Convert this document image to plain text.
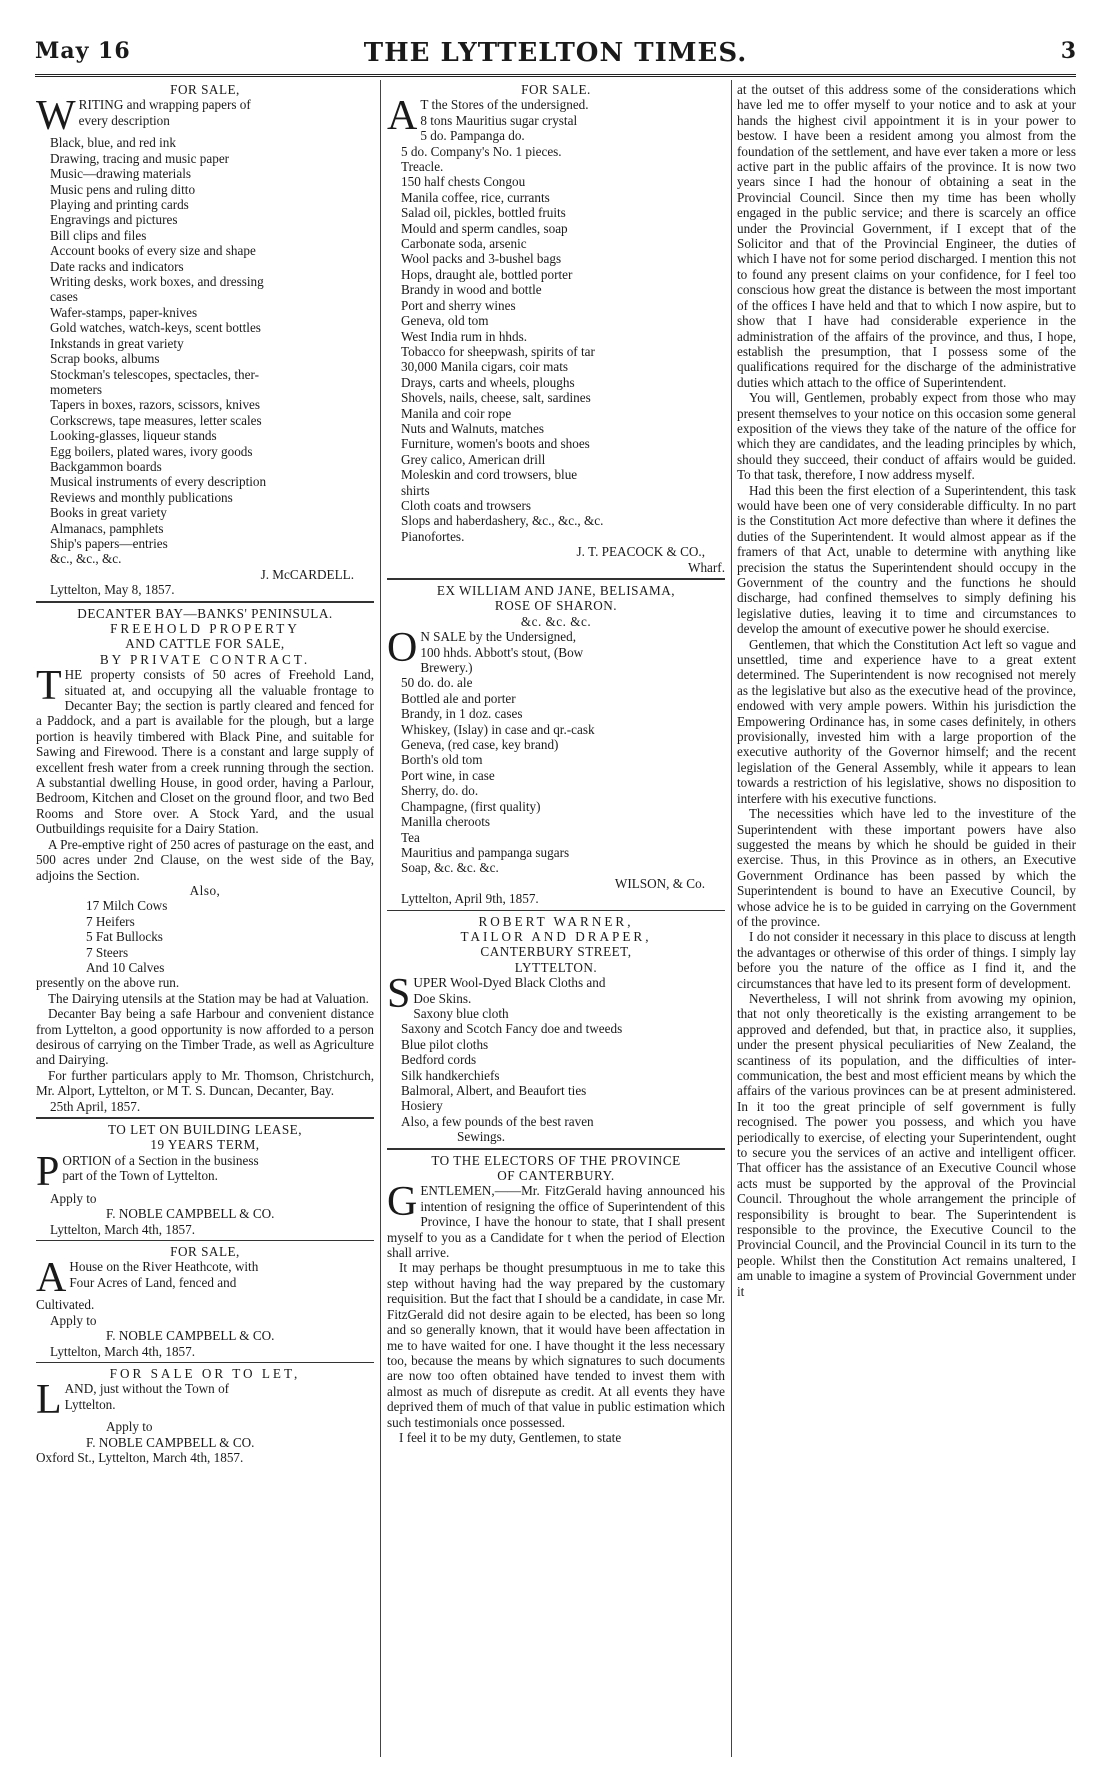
May 16	THE LYTTELTON TIMES.	3

FOR SALE,

W RITING and wrapping papers of

every description

Black, blue, and red ink

Drawing, tracing and music paper

Music—drawing materials

Music pens and ruling ditto

Playing and printing cards

Engravings and pictures

Bill clips and files

Account books of every size and shape

Date racks and indicators

Writing desks, work boxes, and dressing

cases

Wafer-stamps, paper-knives

Gold watches, watch-keys, scent bottles

Inkstands in great variety

Scrap books, albums

Stockman's telescopes, spectacles, ther-

mometers

Tapers in boxes, razors, scissors, knives

Corkscrews, tape measures, letter scales

Looking-glasses, liqueur stands

Egg boilers, plated wares, ivory goods

Backgammon boards

Musical instruments of every description

Reviews and monthly publications

Books in great variety

Almanacs, pamphlets

Ship's papers—entries

&c., &c., &c.

J. McCARDELL.

Lyttelton, May 8, 1857.

DECANTER BAY—BANKS' PENINSULA.

FREEHOLD PROPERTY

AND CATTLE FOR SALE,

BY PRIVATE CONTRACT.

THE property consists of 50 acres of Freehold Land, situated at, and occupying all the valuable frontage to Decanter Bay; the section is partly cleared and fenced for a Paddock, and a part is available for the plough, but a large portion is heavily timbered with Black Pine, and suitable for Sawing and Firewood. There is a constant and large supply of excellent fresh water from a creek running through the section. A substantial dwelling House, in good order, having a Parlour, Bedroom, Kitchen and Closet on the ground floor, and two Bed Rooms and Store over. A Stock Yard, and the usual Outbuildings requisite for a Dairy Station.

A Pre-emptive right of 250 acres of pasturage on the east, and 500 acres under 2nd Clause, on the west side of the Bay, adjoins the Section.

Also,

17 Milch Cows

7 Heifers

5 Fat Bullocks

7 Steers

And 10 Calves

presently on the above run.

The Dairying utensils at the Station may be had at Valuation.

Decanter Bay being a safe Harbour and convenient distance from Lyttelton, a good opportunity is now afforded to a person desirous of carrying on the Timber Trade, as well as Agriculture and Dairying.

For further particulars apply to Mr. Thomson, Christchurch, Mr. Alport, Lyttelton, or M T. S. Duncan, Decanter, Bay.

25th April, 1857.

TO LET ON BUILDING LEASE,

19 YEARS TERM,

P ORTION of a Section in the business

part of the Town of Lyttelton.

Apply to

F. NOBLE CAMPBELL & CO.

Lyttelton, March 4th, 1857.

FOR SALE,

A House on the River Heathcote, with

Four Acres of Land, fenced and

Cultivated.

Apply to

F. NOBLE CAMPBELL & CO.

Lyttelton, March 4th, 1857.

FOR SALE OR TO LET,

L AND, just without the Town of

Lyttelton.

Apply to

F. NOBLE CAMPBELL & CO.

Oxford St., Lyttelton, March 4th, 1857.

FOR SALE.

A T the Stores of the undersigned.

8 tons Mauritius sugar crystal

5 do. Pampanga do.

5 do. Company's No. 1 pieces.

Treacle.

150 half chests Congou

Manila coffee, rice, currants

Salad oil, pickles, bottled fruits

Mould and sperm candles, soap

Carbonate soda, arsenic

Wool packs and 3-bushel bags

Hops, draught ale, bottled porter

Brandy in wood and bottle

Port and sherry wines

Geneva, old tom

West India rum in hhds.

Tobacco for sheepwash, spirits of tar

30,000 Manila cigars, coir mats

Drays, carts and wheels, ploughs

Shovels, nails, cheese, salt, sardines

Manila and coir rope

Nuts and Walnuts, matches

Furniture, women's boots and shoes

Grey calico, American drill

Moleskin and cord trowsers, blue

shirts

Cloth coats and trowsers

Slops and haberdashery, &c., &c., &c.

Pianofortes.

J. T. PEACOCK & CO.,

Wharf.

EX WILLIAM AND JANE, BELISAMA,

ROSE OF SHARON.

&c. &c. &c.

O N SALE by the Undersigned,

100 hhds. Abbott's stout, (Bow

Brewery.)

50 do. do. ale

Bottled ale and porter

Brandy, in 1 doz. cases

Whiskey, (Islay) in case and qr.-cask

Geneva, (red case, key brand)

Borth's old tom

Port wine, in case

Sherry, do. do.

Champagne, (first quality)

Manilla cheroots

Tea

Mauritius and pampanga sugars

Soap, &c. &c. &c.

WILSON, & Co.

Lyttelton, April 9th, 1857.

ROBERT WARNER,

TAILOR AND DRAPER,

CANTERBURY STREET,

LYTTELTON.

S UPER Wool-Dyed Black Cloths and

Doe Skins.

Saxony blue cloth

Saxony and Scotch Fancy doe and tweeds

Blue pilot cloths

Bedford cords

Silk handkerchiefs

Balmoral, Albert, and Beaufort ties

Hosiery

Also, a few pounds of the best raven

Sewings.

TO THE ELECTORS OF THE PROVINCE

OF CANTERBURY.

GENTLEMEN,——Mr. FitzGerald having announced his intention of resigning the office of Superintendent of this Province, I have the honour to state, that I shall present myself to you as a Candidate for t when the period of Election shall arrive.

It may perhaps be thought presumptuous in me to take this step without having had the way prepared by the customary requisition. But the fact that I should be a candidate, in case Mr. FitzGerald did not desire again to be elected, has been so long and so generally known, that it would have been affectation in me to have waited for one. I have thought it the less necessary too, because the means by which signatures to such documents are now too often obtained have tended to invest them with almost as much of disrepute as credit. At all events they have deprived them of much of that value in public estimation which such testimonials once possessed.

I feel it to be my duty, Gentlemen, to state

at the outset of this address some of the considerations which have led me to offer myself to your notice and to ask at your hands the highest civil appointment it is in your power to bestow. I have been a resident among you almost from the foundation of the settlement, and have ever taken a more or less active part in the public affairs of the province. It is now two years since I had the honour of obtaining a seat in the Provincial Council. Since then my time has been wholly engaged in the public service; and there is scarcely an office under the Provincial Government, if I except that of the Solicitor and that of the Provincial Engineer, the duties of which I have not for some period discharged. I mention this not to found any present claims on your confidence, for I feel too conscious how great the distance is between the most important of the offices I have held and that to which I now aspire, but to show that I have had considerable experience in the administration of the affairs of the province, and thus, I hope, establish the presumption, that I possess some of the qualifications required for the discharge of the administrative duties which attach to the office of Superintendent.

You will, Gentlemen, probably expect from those who may present themselves to your notice on this occasion some general exposition of the views they take of the nature of the office for which they are candidates, and the leading principles by which, should they succeed, their conduct of affairs would be guided. To that task, therefore, I now address myself.

Had this been the first election of a Superintendent, this task would have been one of very considerable difficulty. In no part is the Constitution Act more defective than where it defines the duties of the Superintendent. It would almost appear as if the framers of that Act, unable to determine with anything like precision the status the Superintendent should occupy in the Government of the country and the functions he should discharge, had confined themselves to simply defining his legislative duties, leaving it to time and circumstances to develop the amount of executive power he should exercise.

Gentlemen, that which the Constitution Act left so vague and unsettled, time and experience have to a great extent determined. The Superintendent is now recognised not merely as the legislative but also as the executive head of the province, endowed with very ample powers. Within his jurisdiction the Empowering Ordinance has, in some cases definitely, in others provisionally, invested him with a large proportion of the executive authority of the Governor himself; and the recent legislation of the General Assembly, while it appears to lean towards a restriction of his legislative, shows no disposition to interfere with his executive functions.

The necessities which have led to the investiture of the Superintendent with these important powers have also suggested the means by which he should be guided in their exercise. Thus, in this Province as in others, an Executive Government Ordinance has been passed by which the Superintendent is bound to have an Executive Council, by whose advice he is to be guided in carrying on the Government of the province.

I do not consider it necessary in this place to discuss at length the advantages or otherwise of this order of things. I simply lay before you the nature of the office as I find it, and the circumstances that have led to its present form of development.

Nevertheless, I will not shrink from avowing my opinion, that not only theoretically is the existing arrangement to be approved and defended, but that, in practice also, it supplies, under the present physical peculiarities of New Zealand, the scantiness of its population, and the difficulties of inter-communication, the best and most efficient means by which the affairs of the various provinces can be at present administered. In it too the great principle of self government is fully recognised. The power you possess, and which you have periodically to exercise, of electing your Superintendent, ought to secure you the services of an active and intelligent officer. That officer has the assistance of an Executive Council whose acts must be supported by the approval of the Provincial Council. Throughout the whole arrangement the principle of responsibility is brought to bear. The Superintendent is responsible to the province, the Executive Council to the Provincial Council, and the Provincial Council in its turn to the people. Whilst then the Constitution Act remains unaltered, I am unable to imagine a system of Provincial Government under it
